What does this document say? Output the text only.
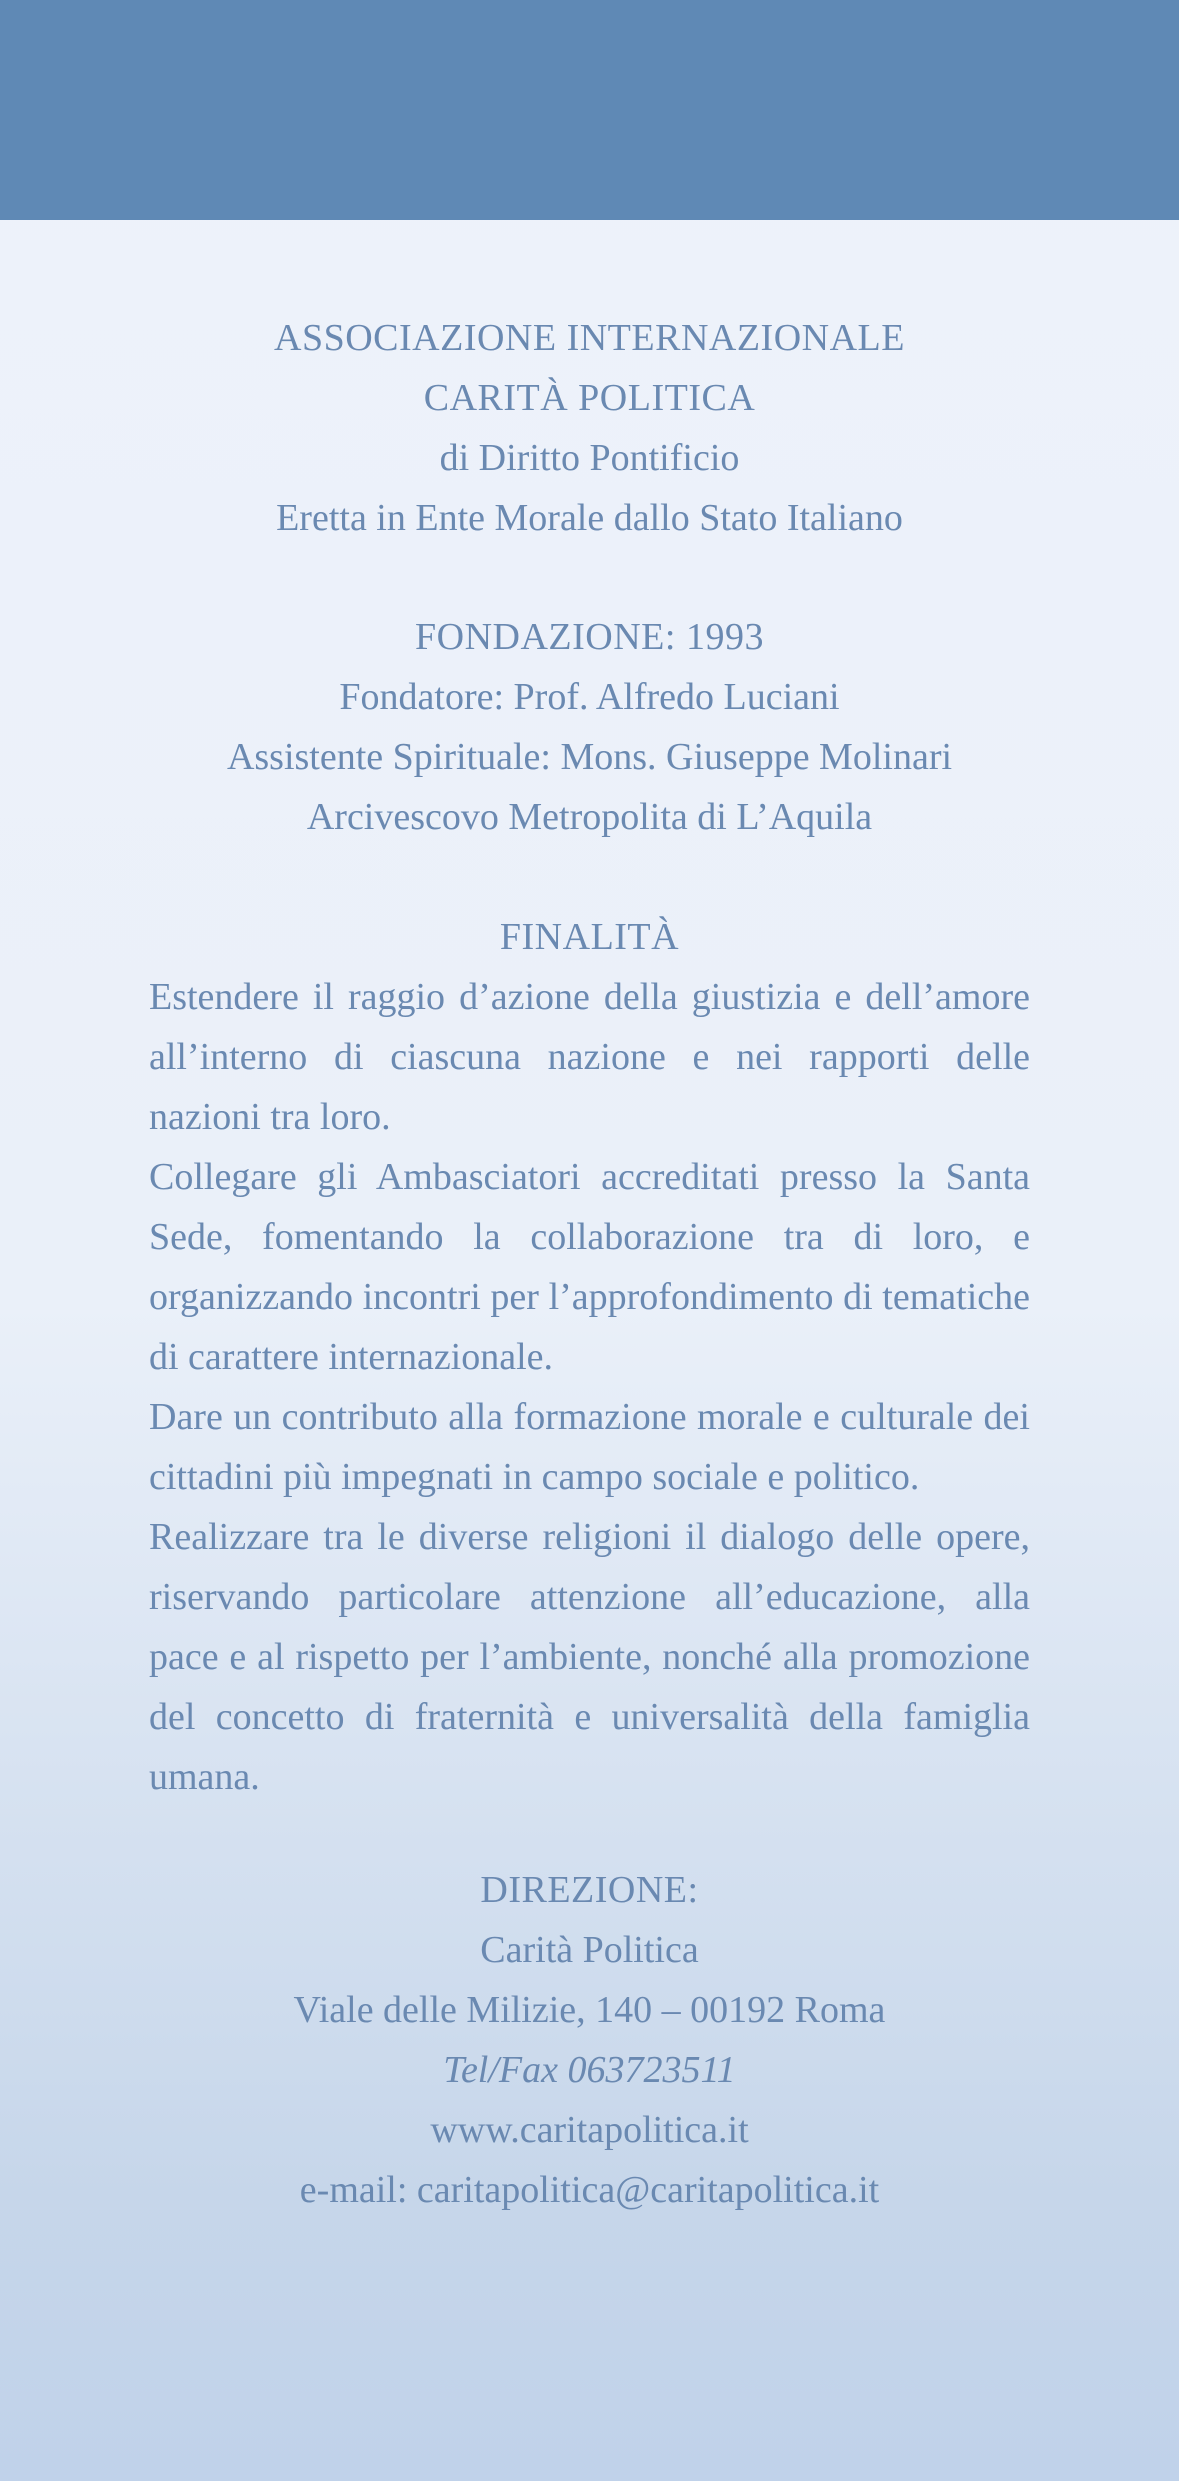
ASSOCIAZIONE INTERNAZIONALE
CARITÀ POLITICA
di Diritto Pontificio
Eretta in Ente Morale dallo Stato Italiano
FONDAZIONE: 1993
Fondatore: Prof. Alfredo Luciani
Assistente Spirituale: Mons. Giuseppe Molinari
Arcivescovo Metropolita di L’Aquila
FINALITÀ

Estendere il raggio d’azione della giustizia e dell’amore all’interno di ciascuna nazione e nei rapporti delle nazioni tra loro.

Collegare gli Ambasciatori accreditati presso la Santa Sede, fomentando la collaborazione tra di loro, e organizzando incontri per l’approfondimento di tematiche di carattere internazionale.

Dare un contributo alla formazione morale e culturale dei cittadini più impegnati in campo sociale e politico.

Realizzare tra le diverse religioni il dialogo delle opere, riservando particolare attenzione all’educazione, alla pace e al rispetto per l’ambiente, nonché alla promozione del concetto di fraternità e universalità della famiglia umana.

DIREZIONE:
Carità Politica
Viale delle Milizie, 140 – 00192 Roma
Tel/Fax 063723511
www.caritapolitica.it
e-mail: caritapolitica@caritapolitica.it
